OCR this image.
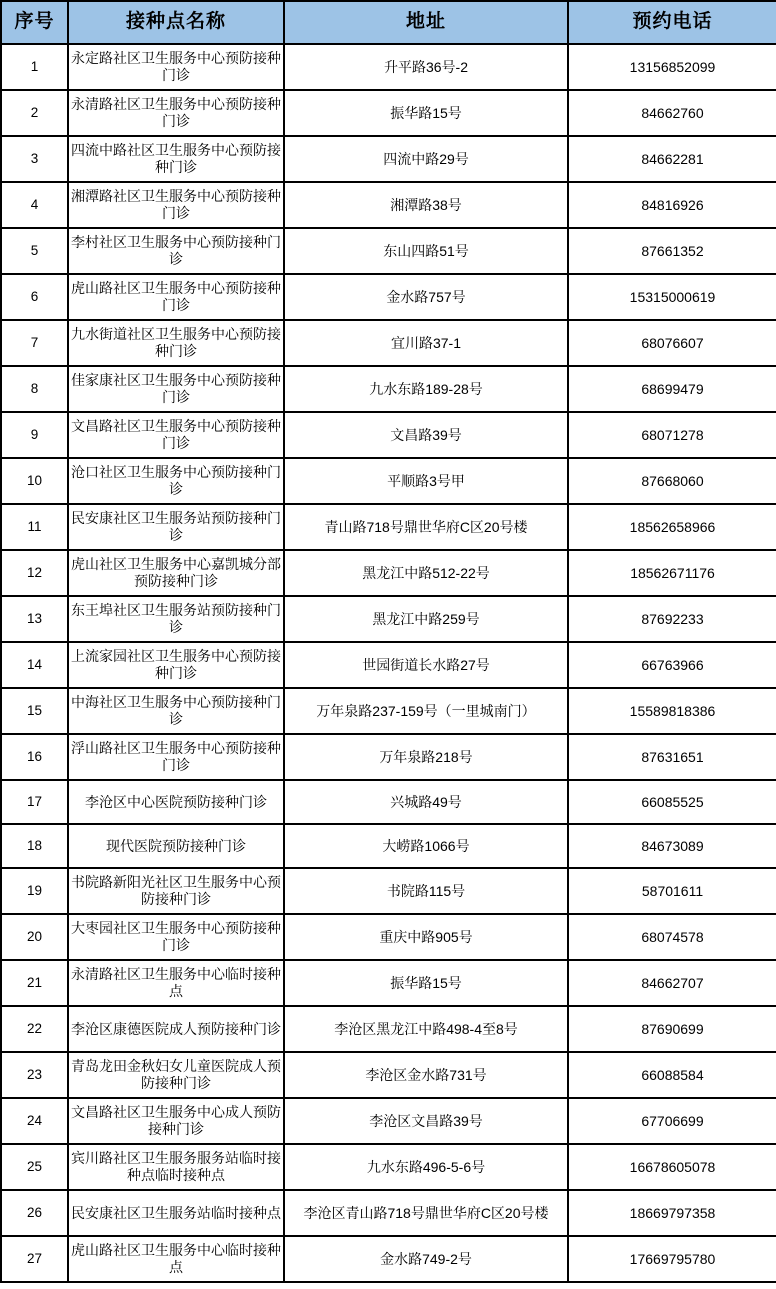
序号	接种点名称	地址	预约电话
1	永定路社区卫生服务中心预防接种门诊	升平路36号-2	13156852099
2	永清路社区卫生服务中心预防接种门诊	振华路15号	84662760
3	四流中路社区卫生服务中心预防接种门诊	四流中路29号	84662281
4	湘潭路社区卫生服务中心预防接种门诊	湘潭路38号	84816926
5	李村社区卫生服务中心预防接种门诊	东山四路51号	87661352
6	虎山路社区卫生服务中心预防接种门诊	金水路757号	15315000619
7	九水街道社区卫生服务中心预防接种门诊	宜川路37-1	68076607
8	佳家康社区卫生服务中心预防接种门诊	九水东路189-28号	68699479
9	文昌路社区卫生服务中心预防接种门诊	文昌路39号	68071278
10	沧口社区卫生服务中心预防接种门诊	平顺路3号甲	87668060
11	民安康社区卫生服务站预防接种门诊	青山路718号鼎世华府C区20号楼	18562658966
12	虎山社区卫生服务中心嘉凯城分部预防接种门诊	黑龙江中路512-22号	18562671176
13	东王埠社区卫生服务站预防接种门诊	黑龙江中路259号	87692233
14	上流家园社区卫生服务中心预防接种门诊	世园街道长水路27号	66763966
15	中海社区卫生服务中心预防接种门诊	万年泉路237-159号（一里城南门）	15589818386
16	浮山路社区卫生服务中心预防接种门诊	万年泉路218号	87631651
17	李沧区中心医院预防接种门诊	兴城路49号	66085525
18	现代医院预防接种门诊	大崂路1066号	84673089
19	书院路新阳光社区卫生服务中心预防接种门诊	书院路115号	58701611
20	大枣园社区卫生服务中心预防接种门诊	重庆中路905号	68074578
21	永清路社区卫生服务中心临时接种点	振华路15号	84662707
22	李沧区康德医院成人预防接种门诊	李沧区黑龙江中路498-4至8号	87690699
23	青岛龙田金秋妇女儿童医院成人预防接种门诊	李沧区金水路731号	66088584
24	文昌路社区卫生服务中心成人预防接种门诊	李沧区文昌路39号	67706699
25	宾川路社区卫生服务服务站临时接种点临时接种点	九水东路496-5-6号	16678605078
26	民安康社区卫生服务站临时接种点	李沧区青山路718号鼎世华府C区20号楼	18669797358
27	虎山路社区卫生服务中心临时接种点	金水路749-2号	17669795780
